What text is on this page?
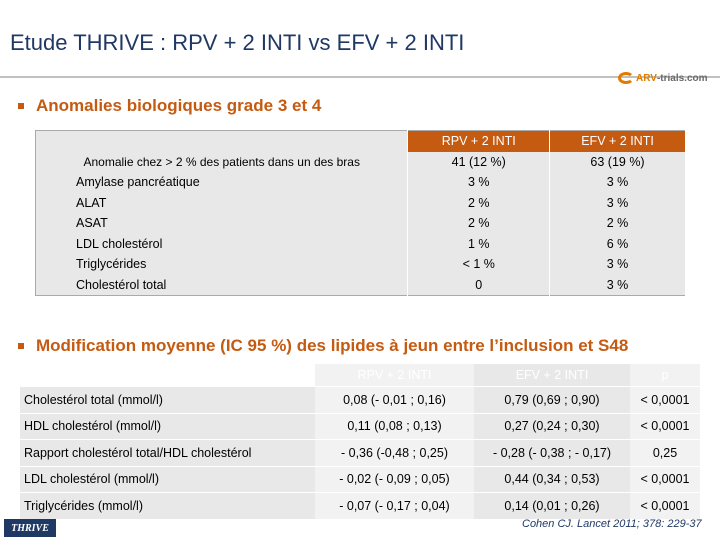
Etude THRIVE : RPV + 2 INTI vs EFV + 2 INTI
ARV-trials.com
Anomalies biologiques grade 3 et 4
	RPV + 2 INTI	EFV + 2 INTI
Anomalie chez > 2 % des patients dans un des bras	41 (12 %)	63 (19 %)
Amylase pancréatique	3 %	3 %
ALAT	2 %	3 %
ASAT	2 %	2 %
LDL cholestérol	1 %	6 %
Triglycérides	< 1 %	3 %
Cholestérol total	0	3 %
Modification moyenne (IC 95 %) des lipides à jeun entre l’inclusion et S48
	RPV + 2 INTI	EFV + 2 INTI	p
Cholestérol total (mmol/l)	0,08 (- 0,01 ; 0,16)	0,79 (0,69 ; 0,90)	< 0,0001
HDL cholestérol (mmol/l)	0,11 (0,08 ; 0,13)	0,27 (0,24 ; 0,30)	< 0,0001
Rapport cholestérol total/HDL cholestérol	- 0,36 (-0,48 ; 0,25)	- 0,28 (- 0,38 ; - 0,17)	0,25
LDL cholestérol (mmol/l)	- 0,02 (- 0,09 ; 0,05)	0,44 (0,34 ; 0,53)	< 0,0001
Triglycérides (mmol/l)	- 0,07 (- 0,17 ; 0,04)	0,14 (0,01 ; 0,26)	< 0,0001
THRIVE	Cohen CJ. Lancet 2011; 378: 229-37
